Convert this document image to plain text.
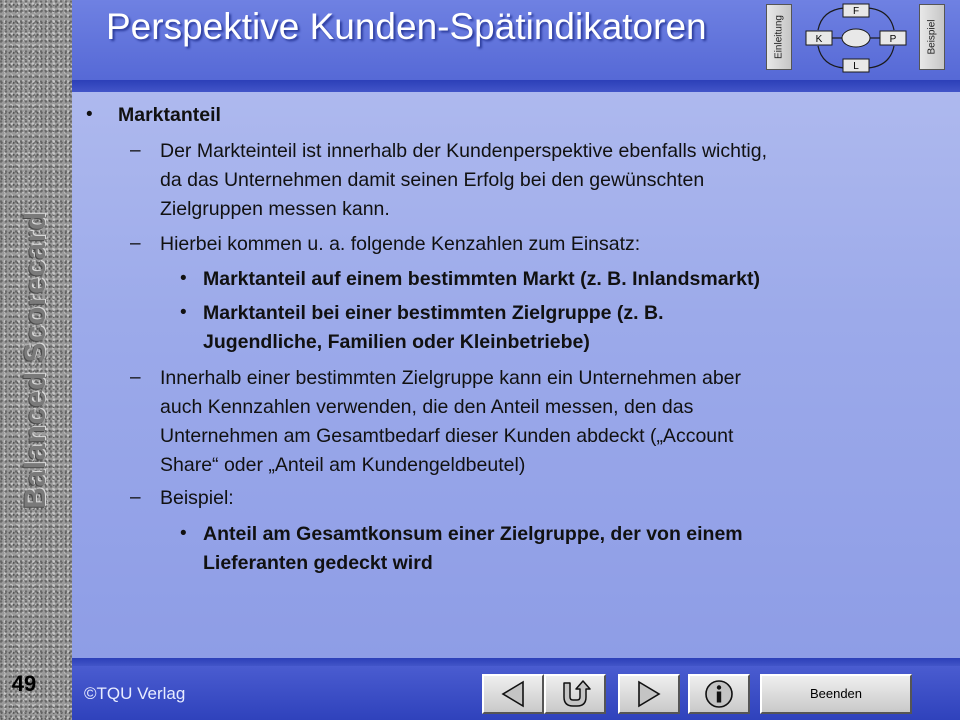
Balanced Scorecard
49
Perspektive Kunden-Spätindikatoren	Einleitung	Beispiel
F
K	P
L
• Marktanteil
– Der Markteinteil ist innerhalb der Kundenperspektive ebenfalls wichtig,
da das Unternehmen damit seinen Erfolg bei den gewünschten
Zielgruppen messen kann.
– Hierbei kommen u. a. folgende Kenzahlen zum Einsatz:
• Marktanteil auf einem bestimmten Markt (z. B. Inlandsmarkt)
• Marktanteil bei einer bestimmten Zielgruppe (z. B.
Jugendliche, Familien oder Kleinbetriebe)
– Innerhalb einer bestimmten Zielgruppe kann ein Unternehmen aber
auch Kennzahlen verwenden, die den Anteil messen, den das
Unternehmen am Gesamtbedarf dieser Kunden abdeckt („Account
Share“ oder „Anteil am Kundengeldbeutel)
– Beispiel:
• Anteil am Gesamtkonsum einer Zielgruppe, der von einem
Lieferanten gedeckt wird
©TQU Verlag	Beenden
